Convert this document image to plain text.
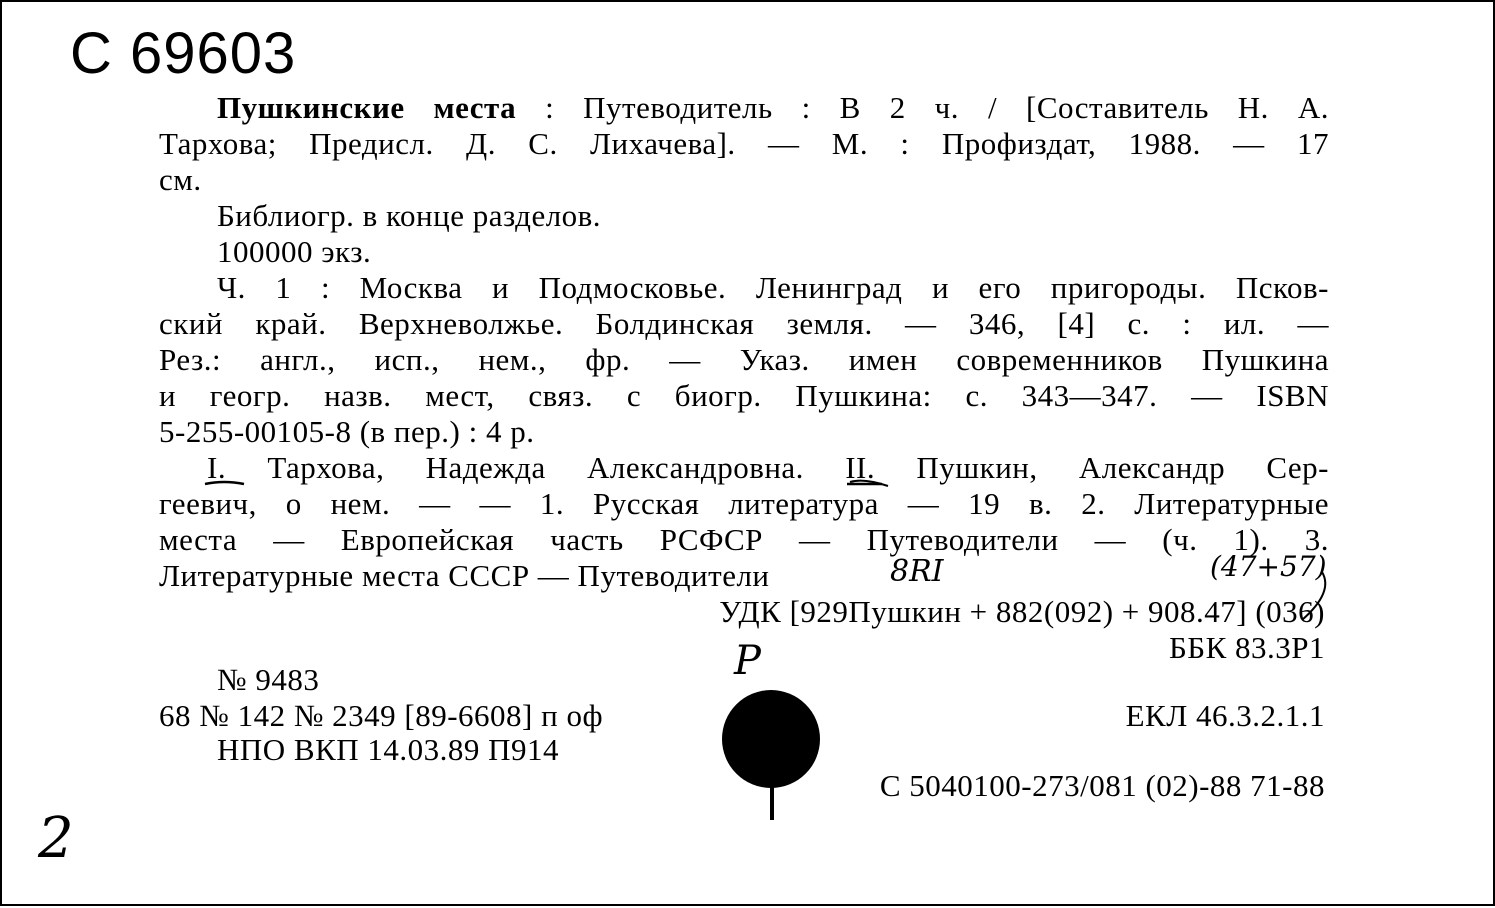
С 69603
Пушкинские места : Путеводитель : В 2 ч. / [Составитель Н. А.
Тархова; Предисл. Д. С. Лихачева]. — М. : Профиздат, 1988. — 17
см.
Библиогр. в конце разделов.
100000 экз.
Ч. 1 : Москва и Подмосковье. Ленинград и его пригороды. Псков-
ский край. Верхневолжье. Болдинская земля. — 346, [4] с. : ил. —
Рез.: англ., исп., нем., фр. — Указ. имен современников Пушкина
и геогр. назв. мест, связ. с биогр. Пушкина: с. 343—347. — ISBN
5-255-00105-8 (в пер.) : 4 р.
I. Тархова, Надежда Александровна. II. Пушкин, Александр Сер-
геевич, о нем. — — 1. Русская литература — 19 в. 2. Литературные
места — Европейская часть РСФСР — Путеводители — (ч. 1). 3.
Литературные места СССР — Путеводители
УДК [929Пушкин + 882(092) + 908.47] (036)
ББК 83.3Р1
№ 9483
68 № 142 № 2349 [89-6608] п оф	ЕКЛ 46.3.2.1.1
НПО ВКП 14.03.89 П914
С 5040100-273/081 (02)-88 71-88
8RI	(47+57)
Р
2
